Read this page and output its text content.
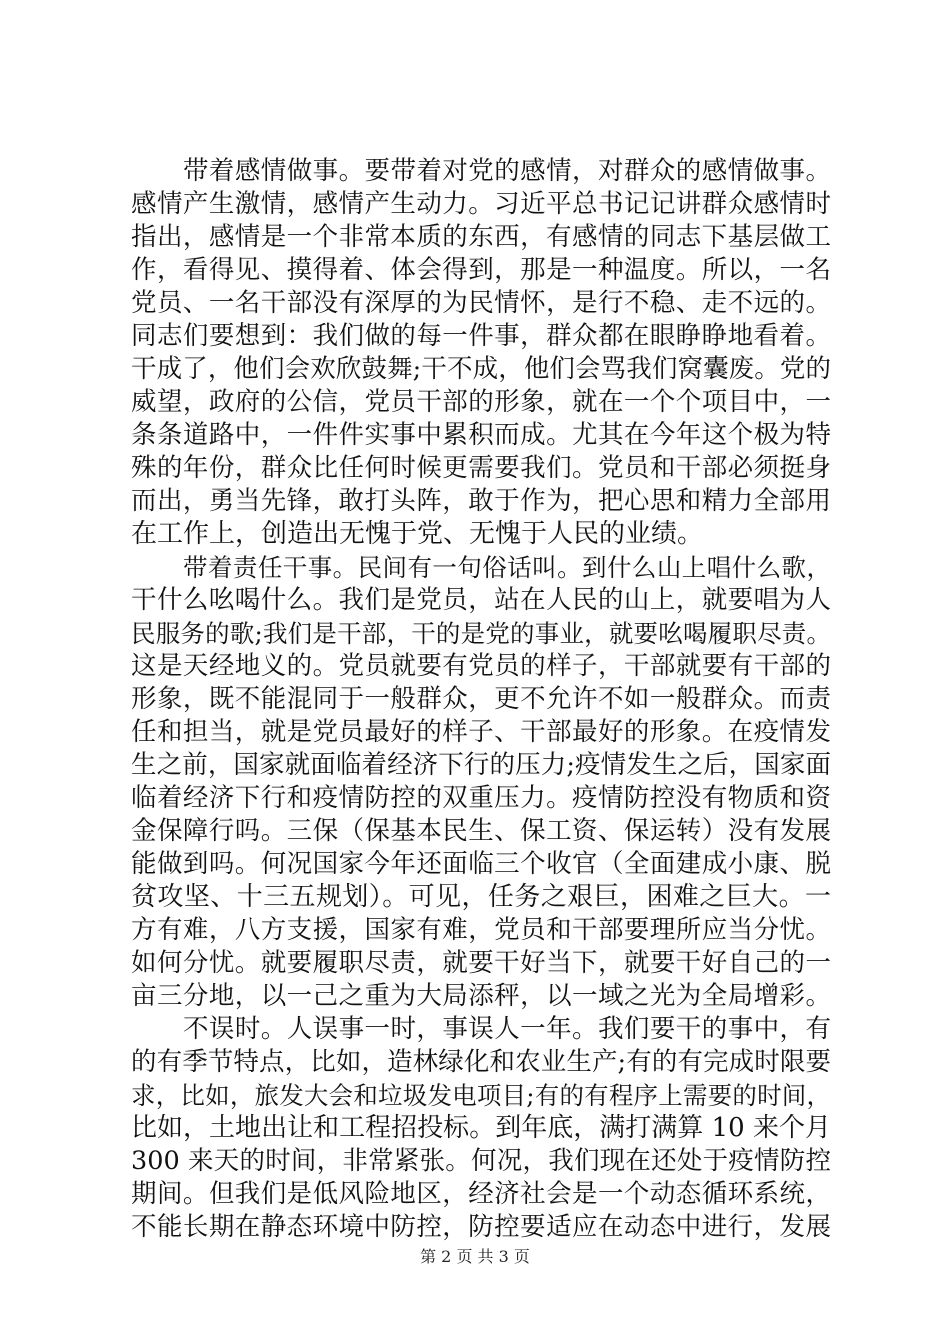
带着感情做事。要带着对党的感情，对群众的感情做事。
感情产生激情，感情产生动力。习近平总书记记讲群众感情时
指出，感情是一个非常本质的东西，有感情的同志下基层做工
作，看得见、摸得着、体会得到，那是一种温度。所以，一名
党员、一名干部没有深厚的为民情怀，是行不稳、走不远的。
同志们要想到：我们做的每一件事，群众都在眼睁睁地看着。
干成了，他们会欢欣鼓舞;干不成，他们会骂我们窝囊废。党的
威望，政府的公信，党员干部的形象，就在一个个项目中，一
条条道路中，一件件实事中累积而成。尤其在今年这个极为特
殊的年份，群众比任何时候更需要我们。党员和干部必须挺身
而出，勇当先锋，敢打头阵，敢于作为，把心思和精力全部用
在工作上，创造出无愧于党、无愧于人民的业绩。
带着责任干事。民间有一句俗话叫。到什么山上唱什么歌，
干什么吆喝什么。我们是党员，站在人民的山上，就要唱为人
民服务的歌;我们是干部，干的是党的事业，就要吆喝履职尽责。
这是天经地义的。党员就要有党员的样子，干部就要有干部的
形象，既不能混同于一般群众，更不允许不如一般群众。而责
任和担当，就是党员最好的样子、干部最好的形象。在疫情发
生之前，国家就面临着经济下行的压力;疫情发生之后，国家面
临着经济下行和疫情防控的双重压力。疫情防控没有物质和资
金保障行吗。三保（保基本民生、保工资、保运转）没有发展
能做到吗。何况国家今年还面临三个收官（全面建成小康、脱
贫攻坚、十三五规划）。可见，任务之艰巨，困难之巨大。一
方有难，八方支援，国家有难，党员和干部要理所应当分忧。
如何分忧。就要履职尽责，就要干好当下，就要干好自己的一
亩三分地，以一己之重为大局添秤，以一域之光为全局增彩。
不误时。人误事一时，事误人一年。我们要干的事中，有
的有季节特点，比如，造林绿化和农业生产;有的有完成时限要
求，比如，旅发大会和垃圾发电项目;有的有程序上需要的时间，
比如，土地出让和工程招投标。到年底，满打满算 10 来个月
300 来天的时间，非常紧张。何况，我们现在还处于疫情防控
期间。但我们是低风险地区，经济社会是一个动态循环系统，
不能长期在静态环境中防控，防控要适应在动态中进行，发展
第 2 页 共 3 页
